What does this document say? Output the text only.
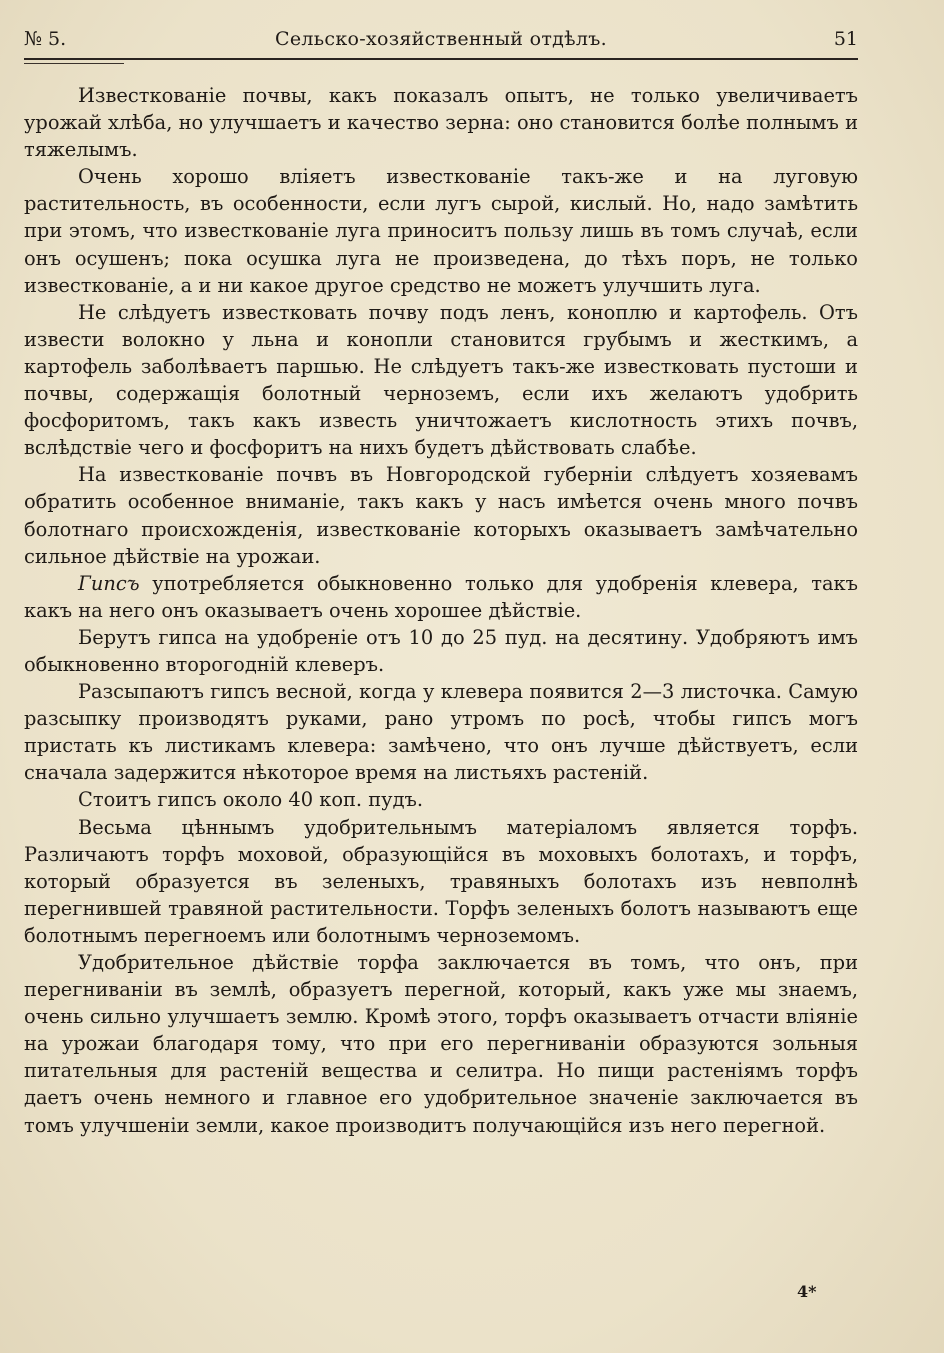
№ 5.	Сельско-хозяйственный отдѣлъ.	51

Известкованіе почвы, какъ показалъ опытъ, не только увеличиваетъ урожай хлѣба, но улучшаетъ и качество зерна: оно становится болѣе полнымъ и тяжелымъ.

Очень хорошо вліяетъ известкованіе такъ-же и на луговую растительность, въ особенности, если лугъ сырой, кислый. Но, надо замѣтить при этомъ, что известкованіе луга приноситъ пользу лишь въ томъ случаѣ, если онъ осушенъ; пока осушка луга не произведена, до тѣхъ поръ, не только известкованіе, а и ни какое другое средство не можетъ улучшить луга.

Не слѣдуетъ известковать почву подъ ленъ, коноплю и картофель. Отъ извести волокно у льна и конопли становится грубымъ и жесткимъ, а картофель заболѣваетъ паршью. Не слѣдуетъ такъ-же известковать пустоши и почвы, содержащія болотный черноземъ, если ихъ желаютъ удобрить фосфоритомъ, такъ какъ известь уничтожаетъ кислотность этихъ почвъ, вслѣдствіе чего и фосфоритъ на нихъ будетъ дѣйствовать слабѣе.

На известкованіе почвъ въ Новгородской губерніи слѣдуетъ хозяевамъ обратить особенное вниманіе, такъ какъ у насъ имѣется очень много почвъ болотнаго происхожденія, известкованіе которыхъ оказываетъ замѣчательно сильное дѣйствіе на урожаи.

Гипсъ употребляется обыкновенно только для удобренія клевера, такъ какъ на него онъ оказываетъ очень хорошее дѣйствіе.

Берутъ гипса на удобреніе отъ 10 до 25 пуд. на десятину. Удобряютъ имъ обыкновенно второгодній клеверъ.

Разсыпаютъ гипсъ весной, когда у клевера появится 2—3 листочка. Самую разсыпку производятъ руками, рано утромъ по росѣ, чтобы гипсъ могъ пристать къ листикамъ клевера: замѣчено, что онъ лучше дѣйствуетъ, если сначала задержится нѣкоторое время на листьяхъ растеній.

Стоитъ гипсъ около 40 коп. пудъ.

Весьма цѣннымъ удобрительнымъ матеріаломъ является торфъ. Различаютъ торфъ моховой, образующійся въ моховыхъ болотахъ, и торфъ, который образуется въ зеленыхъ, травяныхъ болотахъ изъ невполнѣ перегнившей травяной растительности. Торфъ зеленыхъ болотъ называютъ еще болотнымъ перегноемъ или болотнымъ черноземомъ.

Удобрительное дѣйствіе торфа заключается въ томъ, что онъ, при перегниваніи въ землѣ, образуетъ перегной, который, какъ уже мы знаемъ, очень сильно улучшаетъ землю. Кромѣ этого, торфъ оказываетъ отчасти вліяніе на урожаи благодаря тому, что при его перегниваніи образуются зольныя питательныя для растеній вещества и селитра. Но пищи растеніямъ торфъ даетъ очень немного и главное его удобрительное значеніе заключается въ томъ улучшеніи земли, какое производитъ получающійся изъ него перегной.

4*
